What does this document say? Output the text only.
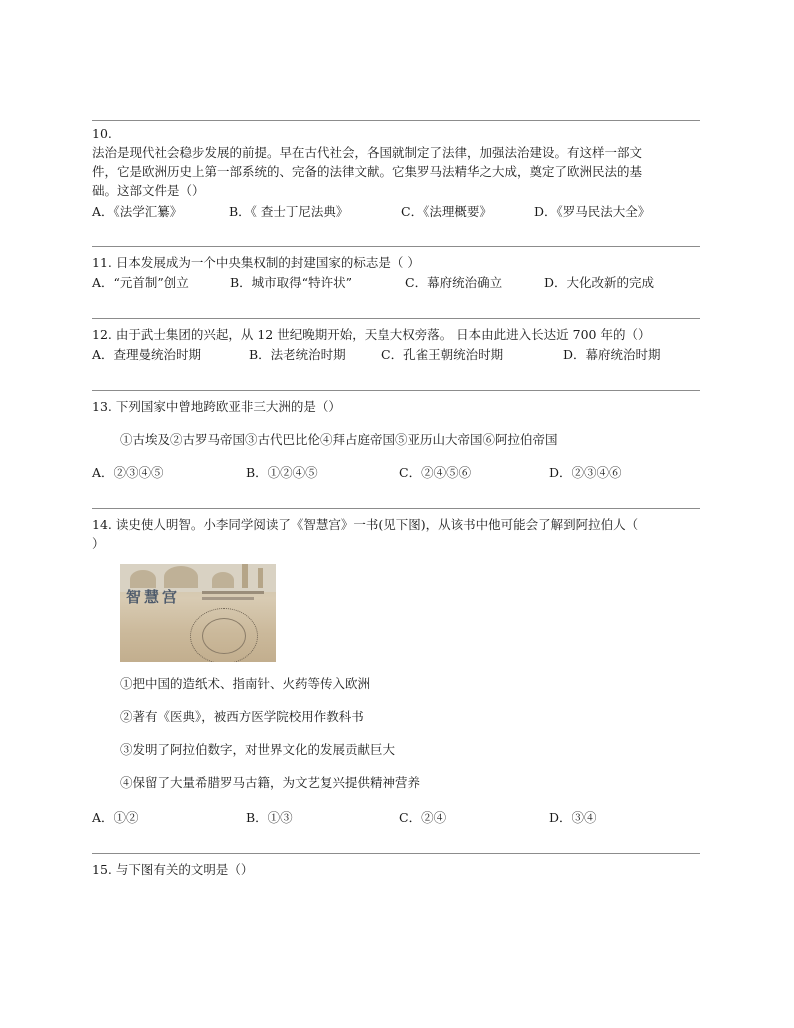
10.
法治是现代社会稳步发展的前提。早在古代社会，各国就制定了法律，加强法治建设。有这样一部文
件，它是欧洲历史上第一部系统的、完备的法律文献。它集罗马法精华之大成，奠定了欧洲民法的基
础。这部文件是（）
A．《法学汇纂》	B．《 查士丁尼法典》	C．《法理概要》	D．《罗马民法大全》
11. 日本发展成为一个中央集权制的封建国家的标志是（ ）
A．“元首制”创立	B．城市取得“特许状”	C．幕府统治确立	D．大化改新的完成
12. 由于武士集团的兴起，从 12 世纪晚期开始，天皇大权旁落。 日本由此进入长达近 700 年的（）
A．查理曼统治时期	B．法老统治时期	C．孔雀王朝统治时期	D．幕府统治时期
13. 下列国家中曾地跨欧亚非三大洲的是（）
①古埃及②古罗马帝国③古代巴比伦④拜占庭帝国⑤亚历山大帝国⑥阿拉伯帝国
A．②③④⑤	B．①②④⑤	C．②④⑤⑥	D．②③④⑥
14. 读史使人明智。小李同学阅读了《智慧宫》一书(见下图)，从该书中他可能会了解到阿拉伯人（
）
智慧宫
①把中国的造纸术、指南针、火药等传入欧洲
②著有《医典》，被西方医学院校用作教科书
③发明了阿拉伯数字，对世界文化的发展贡献巨大
④保留了大量希腊罗马古籍，为文艺复兴提供精神营养
A．①②	B．①③	C．②④	D．③④
15. 与下图有关的文明是（）
